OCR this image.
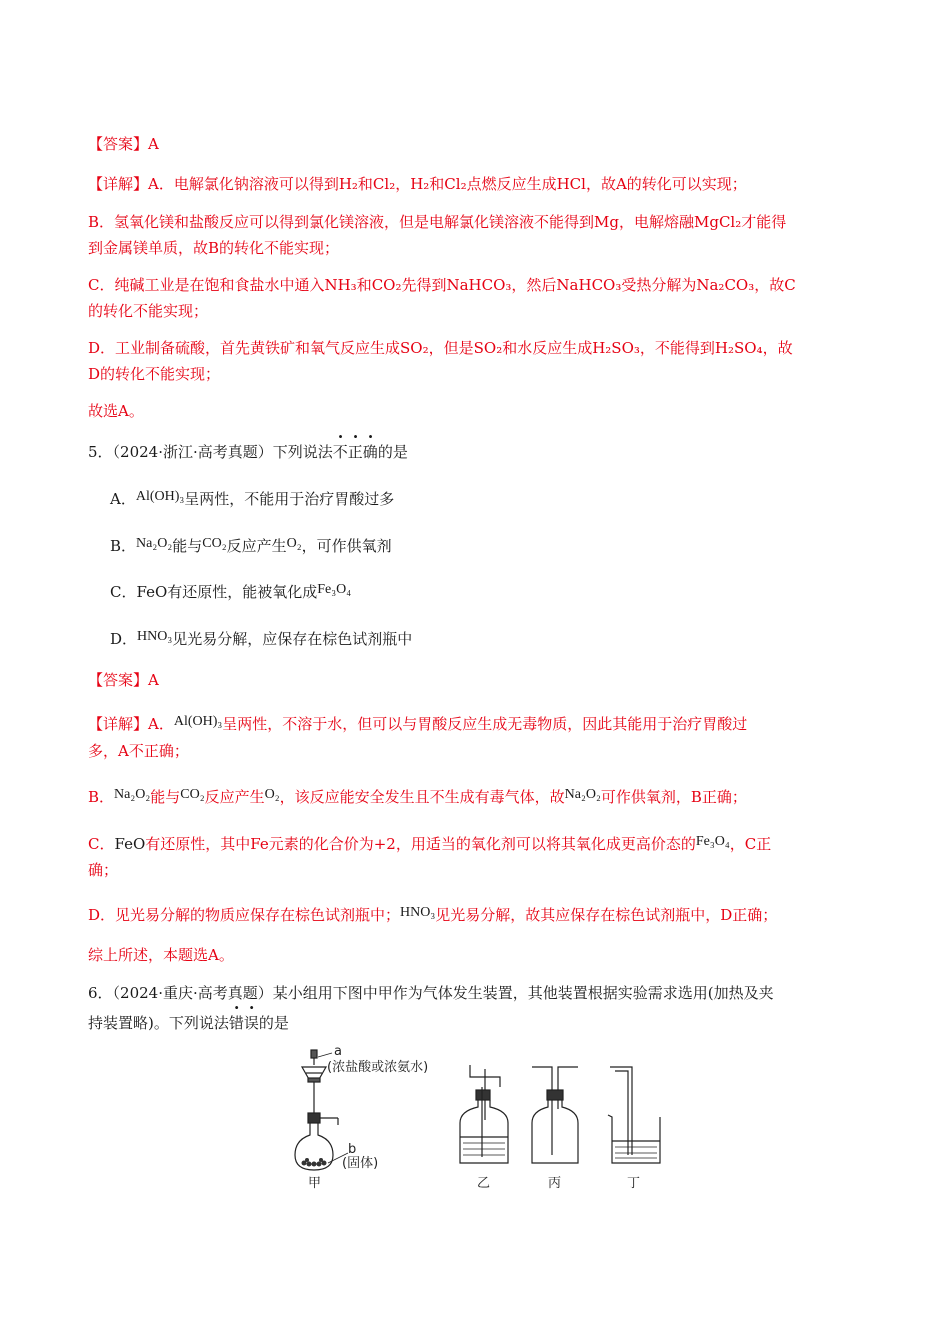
【答案】A
【详解】A．电解氯化钠溶液可以得到H₂和Cl₂，H₂和Cl₂点燃反应生成HCl，故A的转化可以实现；
B．氢氧化镁和盐酸反应可以得到氯化镁溶液，但是电解氯化镁溶液不能得到Mg，电解熔融MgCl₂才能得
到金属镁单质，故B的转化不能实现；
C．纯碱工业是在饱和食盐水中通入NH₃和CO₂先得到NaHCO₃，然后NaHCO₃受热分解为Na₂CO₃，故C
的转化不能实现；
D．工业制备硫酸，首先黄铁矿和氧气反应生成SO₂，但是SO₂和水反应生成H₂SO₃，不能得到H₂SO₄，故
D的转化不能实现；
故选A。
5．（2024·浙江·高考真题）下列说法不正确的是
A．Al(OH)₃呈两性，不能用于治疗胃酸过多
B．Na₂O₂能与CO₂反应产生O₂，可作供氧剂
C．FeO有还原性，能被氧化成Fe₃O₄
D．HNO₃见光易分解，应保存在棕色试剂瓶中
【答案】A
【详解】A．Al(OH)₃呈两性，不溶于水，但可以与胃酸反应生成无毒物质，因此其能用于治疗胃酸过
多，A不正确；
B．Na₂O₂能与CO₂反应产生O₂，该反应能安全发生且不生成有毒气体，故Na₂O₂可作供氧剂，B正确；
C．FeO有还原性，其中Fe元素的化合价为+2，用适当的氧化剂可以将其氧化成更高价态的Fe₃O₄，C正
确；
D．见光易分解的物质应保存在棕色试剂瓶中；HNO₃见光易分解，故其应保存在棕色试剂瓶中，D正确；
综上所述，本题选A。
6．（2024·重庆·高考真题）某小组用下图中甲作为气体发生装置，其他装置根据实验需求选用(加热及夹
持装置略)。下列说法错误的是
a
(浓盐酸或浓氨水)
b
(固体)
甲	乙	丙	丁
